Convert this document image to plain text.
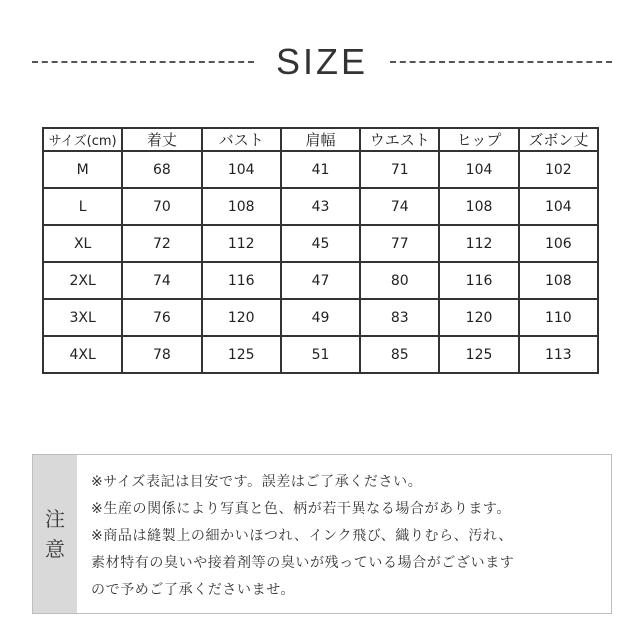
SIZE
サイズ(cm)	着丈	バスト	肩幅	ウエスト	ヒップ	ズボン丈
M	68	104	41	71	104	102
L	70	108	43	74	108	104
XL	72	112	45	77	112	106
2XL	74	116	47	80	116	108
3XL	76	120	49	83	120	110
4XL	78	125	51	85	125	113
注
意
※サイズ表記は目安です。誤差はご了承ください。
※生産の関係により写真と色、柄が若干異なる場合があります。
※商品は縫製上の細かいほつれ、インク飛び、織りむら、汚れ、
素材特有の臭いや接着剤等の臭いが残っている場合がございます
ので予めご了承くださいませ。
